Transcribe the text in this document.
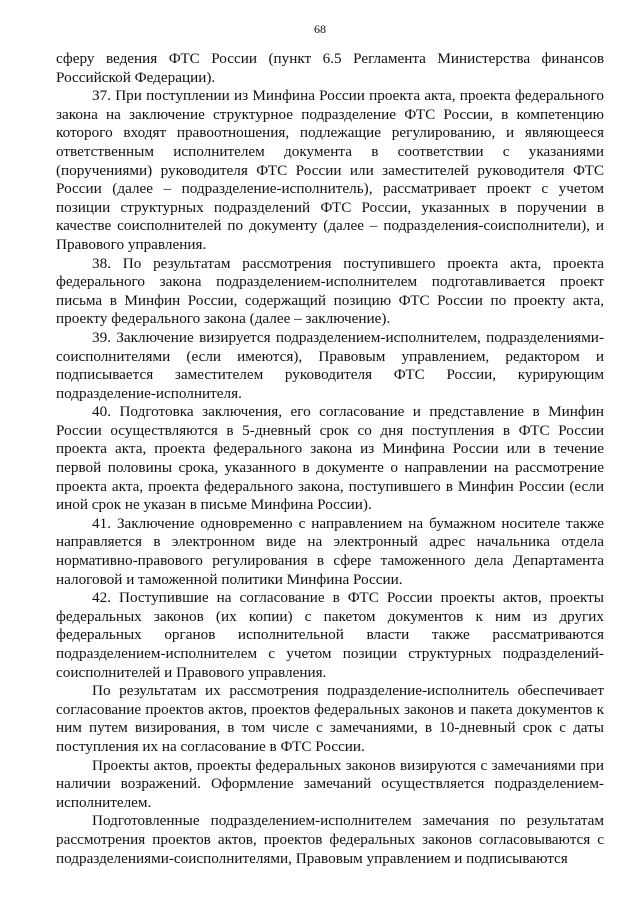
68

сферу ведения ФТС России (пункт 6.5 Регламента Министерства финансов Российской Федерации).

37. При поступлении из Минфина России проекта акта, проекта федерального закона на заключение структурное подразделение ФТС России, в компетенцию которого входят правоотношения, подлежащие регулированию, и являющееся ответственным исполнителем документа в соответствии с указаниями (поручениями) руководителя ФТС России или заместителей руководителя ФТС России (далее – подразделение-исполнитель), рассматривает проект с учетом позиции структурных подразделений ФТС России, указанных в поручении в качестве соисполнителей по документу (далее – подразделения-соисполнители), и Правового управления.

38. По результатам рассмотрения поступившего проекта акта, проекта федерального закона подразделением-исполнителем подготавливается проект письма в Минфин России, содержащий позицию ФТС России по проекту акта, проекту федерального закона (далее – заключение).

39. Заключение визируется подразделением-исполнителем, подразделениями-соисполнителями (если имеются), Правовым управлением, редактором и подписывается заместителем руководителя ФТС России, курирующим подразделение-исполнителя.

40. Подготовка заключения, его согласование и представление в Минфин России осуществляются в 5-дневный срок со дня поступления в ФТС России проекта акта, проекта федерального закона из Минфина России или в течение первой половины срока, указанного в документе о направлении на рассмотрение проекта акта, проекта федерального закона, поступившего в Минфин России (если иной срок не указан в письме Минфина России).

41. Заключение одновременно с направлением на бумажном носителе также направляется в электронном виде на электронный адрес начальника отдела нормативно-правового регулирования в сфере таможенного дела Департамента налоговой и таможенной политики Минфина России.

42. Поступившие на согласование в ФТС России проекты актов, проекты федеральных законов (их копии) с пакетом документов к ним из других федеральных органов исполнительной власти также рассматриваются подразделением-исполнителем с учетом позиции структурных подразделений-соисполнителей и Правового управления.

По результатам их рассмотрения подразделение-исполнитель обеспечивает согласование проектов актов, проектов федеральных законов и пакета документов к ним путем визирования, в том числе с замечаниями, в 10-дневный срок с даты поступления их на согласование в ФТС России.

Проекты актов, проекты федеральных законов визируются с замечаниями при наличии возражений. Оформление замечаний осуществляется подразделением-исполнителем.

Подготовленные подразделением-исполнителем замечания по результатам рассмотрения проектов актов, проектов федеральных законов согласовываются с подразделениями-соисполнителями, Правовым управлением и подписываются
